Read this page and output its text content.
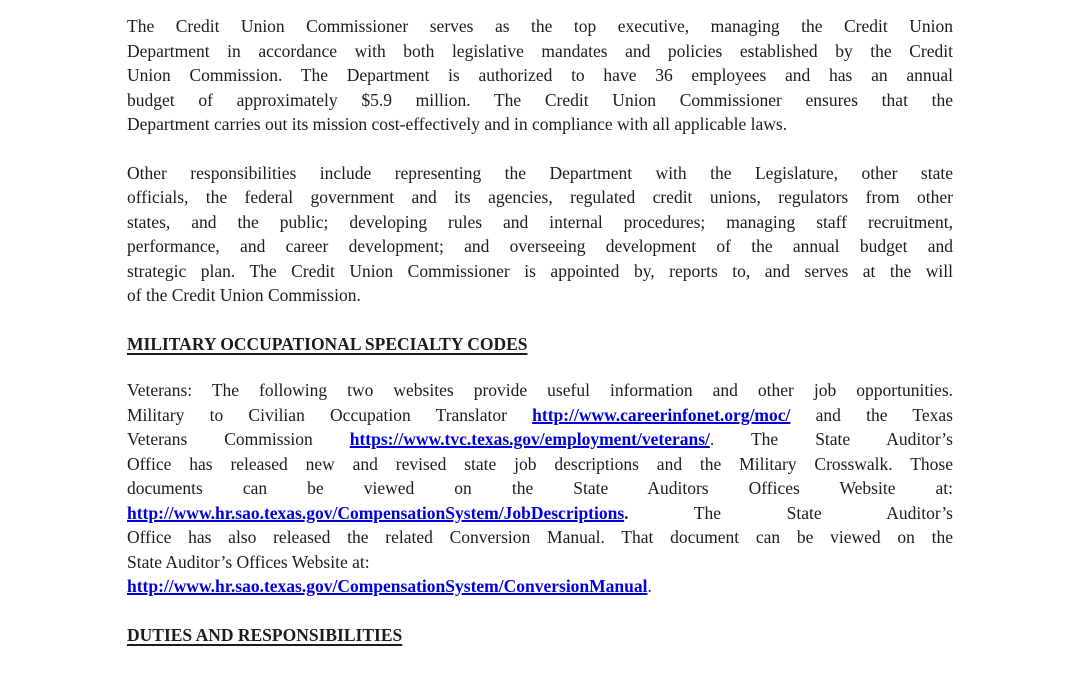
The Credit Union Commissioner serves as the top executive, managing the Credit Union
Department in accordance with both legislative mandates and policies established by the Credit
Union Commission. The Department is authorized to have 36 employees and has an annual
budget of approximately $5.9 million. The Credit Union Commissioner ensures that the
Department carries out its mission cost-effectively and in compliance with all applicable laws.
Other responsibilities include representing the Department with the Legislature, other state
officials, the federal government and its agencies, regulated credit unions, regulators from other
states, and the public; developing rules and internal procedures; managing staff recruitment,
performance, and career development; and overseeing development of the annual budget and
strategic plan. The Credit Union Commissioner is appointed by, reports to, and serves at the will
of the Credit Union Commission.
MILITARY OCCUPATIONAL SPECIALTY CODES
Veterans: The following two websites provide useful information and other job opportunities.
Military to Civilian Occupation Translator http://www.careerinfonet.org/moc/ and the Texas
Veterans Commission https://www.tvc.texas.gov/employment/veterans/. The State Auditor’s
Office has released new and revised state job descriptions and the Military Crosswalk. Those
documents can be viewed on the State Auditors Offices Website at:
http://www.hr.sao.texas.gov/CompensationSystem/JobDescriptions. The State Auditor’s
Office has also released the related Conversion Manual. That document can be viewed on the
State Auditor’s Offices Website at:
http://www.hr.sao.texas.gov/CompensationSystem/ConversionManual.
DUTIES AND RESPONSIBILITIES
